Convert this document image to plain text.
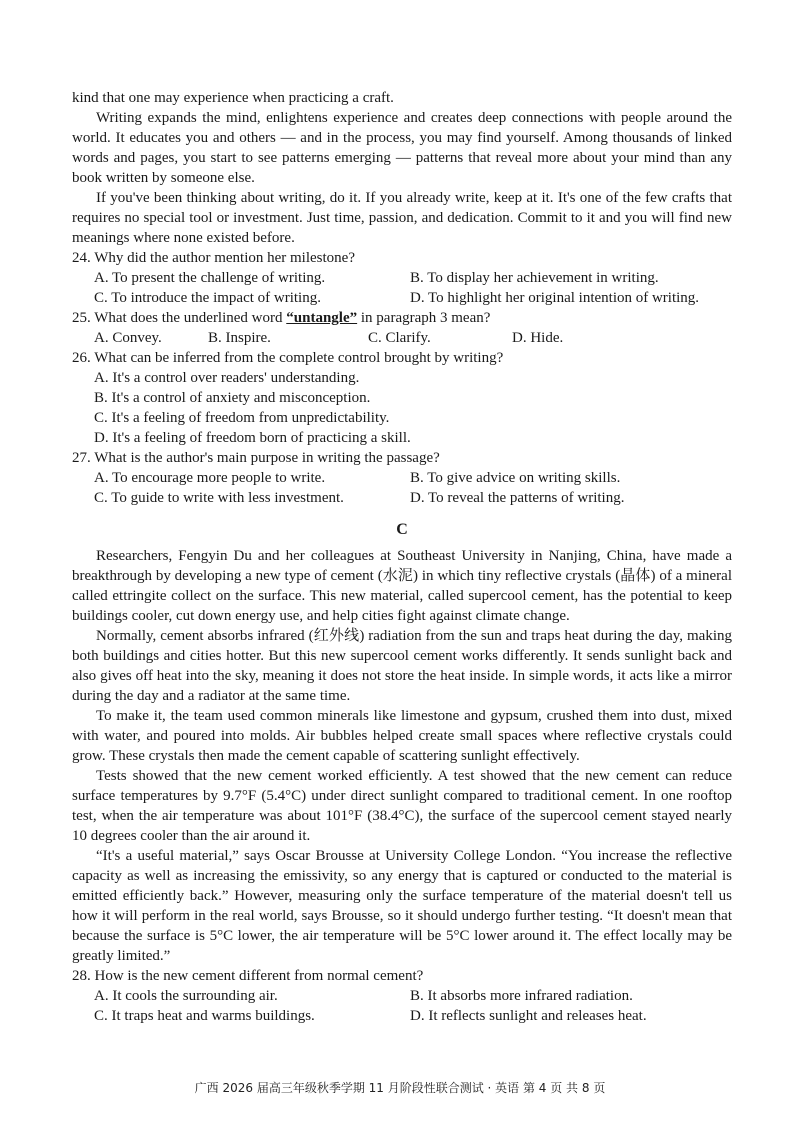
kind that one may experience when practicing a craft.

Writing expands the mind, enlightens experience and creates deep connections with people around the world. It educates you and others — and in the process, you may find yourself. Among thousands of linked words and pages, you start to see patterns emerging — patterns that reveal more about your mind than any book written by someone else.

If you've been thinking about writing, do it. If you already write, keep at it. It's one of the few crafts that requires no special tool or investment. Just time, passion, and dedication. Commit to it and you will find new meanings where none existed before.

24. Why did the author mention her milestone?

A. To present the challenge of writing.	B. To display her achievement in writing.
C. To introduce the impact of writing.	D. To highlight her original intention of writing.

25. What does the underlined word “untangle” in paragraph 3 mean?

A. Convey.	B. Inspire.	C. Clarify.	D. Hide.

26. What can be inferred from the complete control brought by writing?

A. It's a control over readers' understanding.
B. It's a control of anxiety and misconception.
C. It's a feeling of freedom from unpredictability.
D. It's a feeling of freedom born of practicing a skill.

27. What is the author's main purpose in writing the passage?

A. To encourage more people to write.	B. To give advice on writing skills.
C. To guide to write with less investment.	D. To reveal the patterns of writing.
C

Researchers, Fengyin Du and her colleagues at Southeast University in Nanjing, China, have made a breakthrough by developing a new type of cement (水泥) in which tiny reflective crystals (晶体) of a mineral called ettringite collect on the surface. This new material, called supercool cement, has the potential to keep buildings cooler, cut down energy use, and help cities fight against climate change.

Normally, cement absorbs infrared (红外线) radiation from the sun and traps heat during the day, making both buildings and cities hotter. But this new supercool cement works differently. It sends sunlight back and also gives off heat into the sky, meaning it does not store the heat inside. In simple words, it acts like a mirror during the day and a radiator at the same time.

To make it, the team used common minerals like limestone and gypsum, crushed them into dust, mixed with water, and poured into molds. Air bubbles helped create small spaces where reflective crystals could grow. These crystals then made the cement capable of scattering sunlight effectively.

Tests showed that the new cement worked efficiently. A test showed that the new cement can reduce surface temperatures by 9.7°F (5.4°C) under direct sunlight compared to traditional cement. In one rooftop test, when the air temperature was about 101°F (38.4°C), the surface of the supercool cement stayed nearly 10 degrees cooler than the air around it.

“It's a useful material,” says Oscar Brousse at University College London. “You increase the reflective capacity as well as increasing the emissivity, so any energy that is captured or conducted to the material is emitted efficiently back.” However, measuring only the surface temperature of the material doesn't tell us how it will perform in the real world, says Brousse, so it should undergo further testing. “It doesn't mean that because the surface is 5°C lower, the air temperature will be 5°C lower around it. The effect locally may be greatly limited.”

28. How is the new cement different from normal cement?

A. It cools the surrounding air.	B. It absorbs more infrared radiation.
C. It traps heat and warms buildings.	D. It reflects sunlight and releases heat.
广西 2026 届高三年级秋季学期 11 月阶段性联合测试 · 英语 第 4 页 共 8 页
